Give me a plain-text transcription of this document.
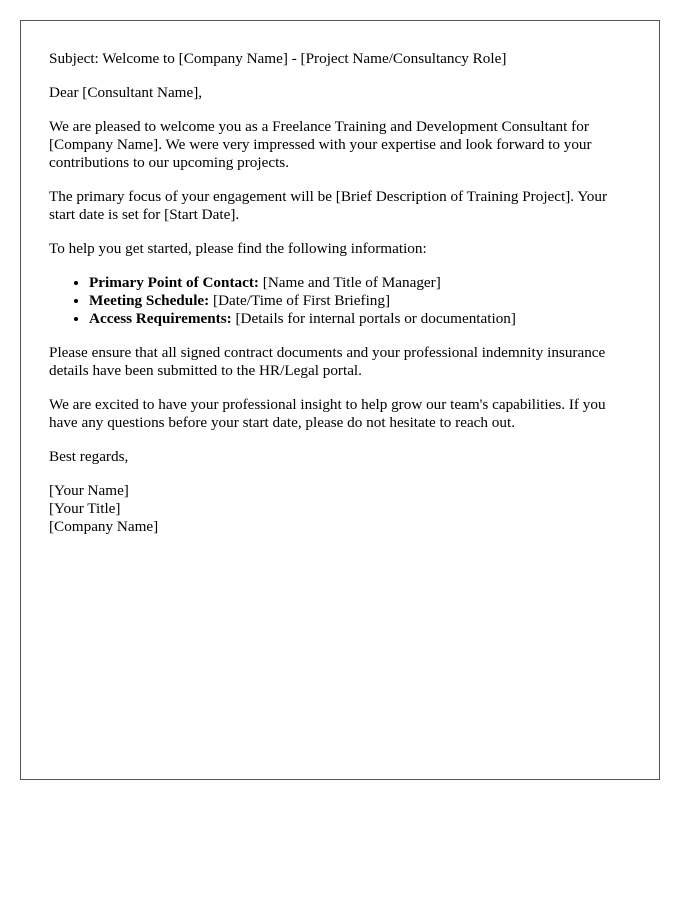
Subject: Welcome to [Company Name] - [Project Name/Consultancy Role]

Dear [Consultant Name],

We are pleased to welcome you as a Freelance Training and Development Consultant for [Company Name]. We were very impressed with your expertise and look forward to your contributions to our upcoming projects.

The primary focus of your engagement will be [Brief Description of Training Project]. Your start date is set for [Start Date].

To help you get started, please find the following information:

• Primary Point of Contact: [Name and Title of Manager]
• Meeting Schedule: [Date/Time of First Briefing]
• Access Requirements: [Details for internal portals or documentation]

Please ensure that all signed contract documents and your professional indemnity insurance details have been submitted to the HR/Legal portal.

We are excited to have your professional insight to help grow our team's capabilities. If you have any questions before your start date, please do not hesitate to reach out.

Best regards,

[Your Name]
[Your Title]
[Company Name]
